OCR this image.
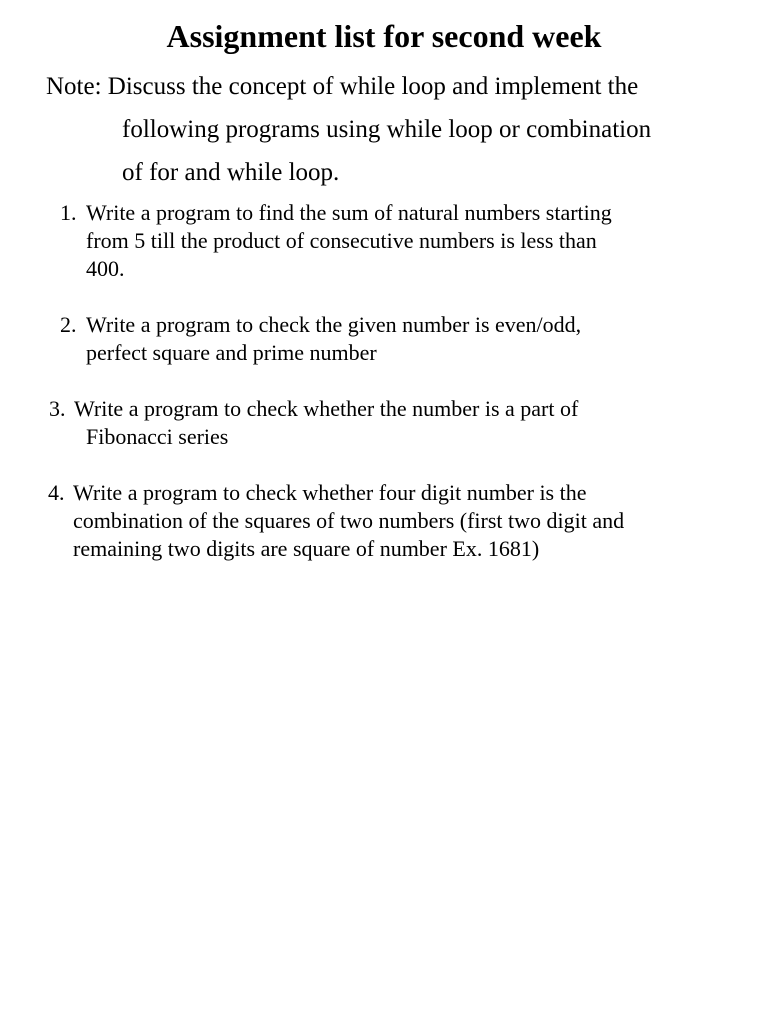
Assignment list for second week
Note: Discuss the concept of while loop and implement the
following programs using while loop or combination
of for and while loop.
1. Write a program to find the sum of natural numbers starting
from 5 till the product of consecutive numbers is less than
400.
2. Write a program to check the given number is even/odd,
perfect square and prime number
3. Write a program to check whether the number is a part of
Fibonacci series
4. Write a program to check whether four digit number is the
combination of the squares of two numbers (first two digit and
remaining two digits are square of number Ex. 1681)
